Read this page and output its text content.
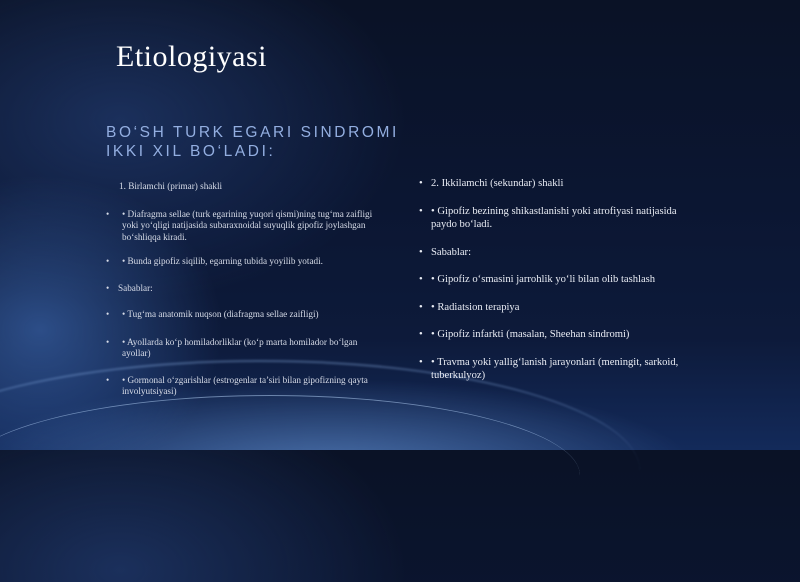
Etiologiyasi
BO‘SH TURK EGARI SINDROMI IKKI XIL BO‘LADI:
1. Birlamchi (primar) shakli
• • Diafragma sellae (turk egarining yuqori qismi)ning tug‘ma zaifligi yoki yo‘qligi natijasida subaraxnoidal suyuqlik gipofiz joylashgan bo‘shliqqa kiradi.
• • Bunda gipofiz siqilib, egarning tubida yoyilib yotadi.
• Sabablar:
• • Tug‘ma anatomik nuqson (diafragma sellae zaifligi)
• • Ayollarda ko‘p homiladorliklar (ko‘p marta homilador bo‘lgan ayollar)
• • Gormonal o‘zgarishlar (estrogenlar ta’siri bilan gipofizning qayta involyutsiyasi)
• 2. Ikkilamchi (sekundar) shakli
• • Gipofiz bezining shikastlanishi yoki atrofiyasi natijasida paydo bo‘ladi.
• Sabablar:
• • Gipofiz o‘smasini jarrohlik yo‘li bilan olib tashlash
• • Radiatsion terapiya
• • Gipofiz infarkti (masalan, Sheehan sindromi)
• • Travma yoki yallig‘lanish jarayonlari (meningit, sarkoid, tuberkulyoz)
